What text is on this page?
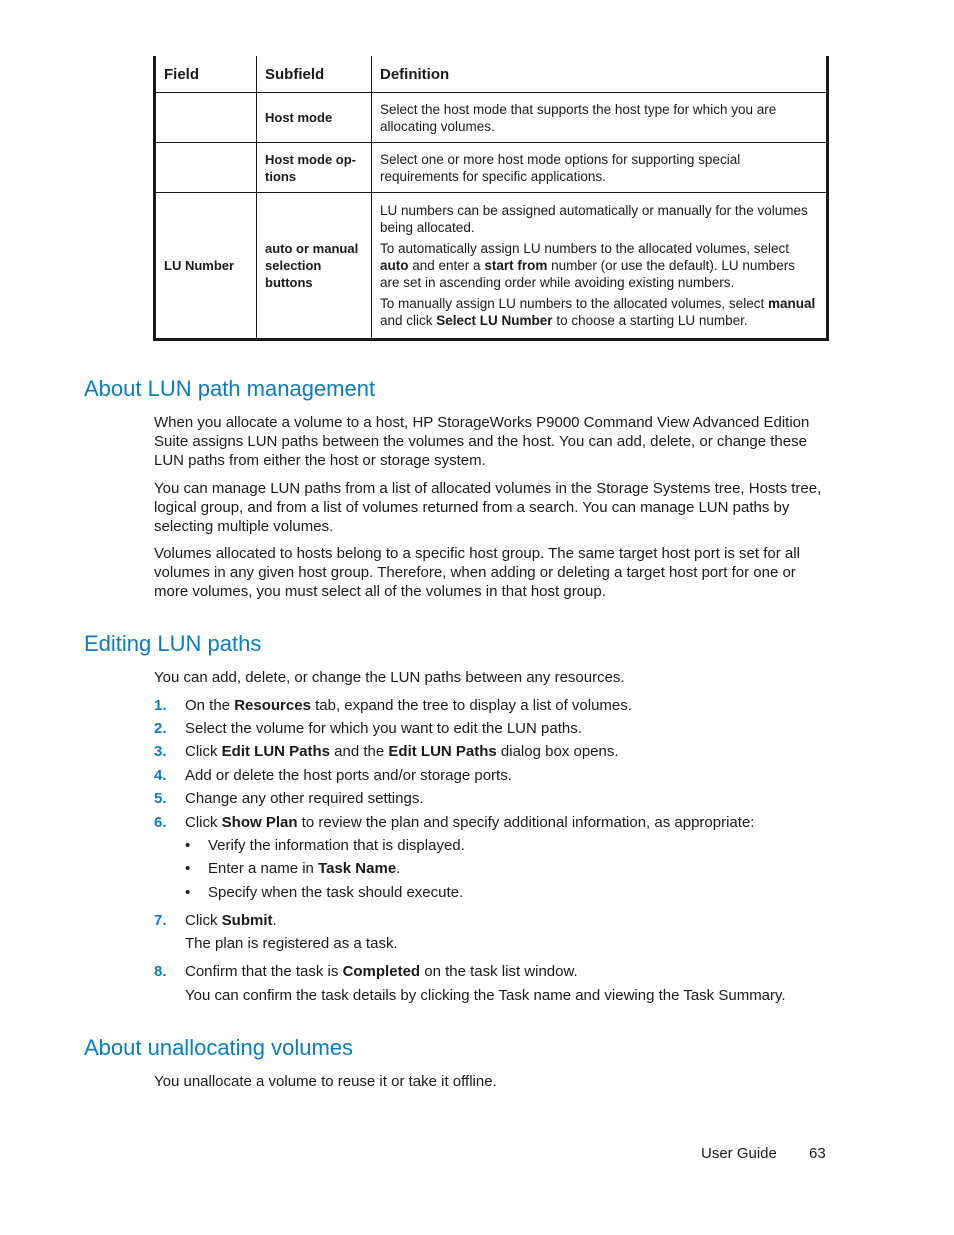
Field	Subfield	Definition
	Host mode	Select the host mode that supports the host type for which you are allocating volumes.
	Host mode op- tions	Select one or more host mode options for supporting special requirements for specific applications.
LU Number	auto or manual selection buttons	LU numbers can be assigned automatically or manually for the volumes being allocated.

To automatically assign LU numbers to the allocated volumes, select auto and enter a start from number (or use the default). LU numbers are set in ascending order while avoiding existing numbers.

To manually assign LU numbers to the allocated volumes, select manual and click Select LU Number to choose a starting LU number.

About LUN path management

When you allocate a volume to a host, HP StorageWorks P9000 Command View Advanced Edition Suite assigns LUN paths between the volumes and the host. You can add, delete, or change these LUN paths from either the host or storage system.

You can manage LUN paths from a list of allocated volumes in the Storage Systems tree, Hosts tree, logical group, and from a list of volumes returned from a search. You can manage LUN paths by selecting multiple volumes.

Volumes allocated to hosts belong to a specific host group. The same target host port is set for all volumes in any given host group. Therefore, when adding or deleting a target host port for one or more volumes, you must select all of the volumes in that host group.

Editing LUN paths

You can add, delete, or change the LUN paths between any resources.

1. On the Resources tab, expand the tree to display a list of volumes.
2. Select the volume for which you want to edit the LUN paths.
3. Click Edit LUN Paths and the Edit LUN Paths dialog box opens.
4. Add or delete the host ports and/or storage ports.
5. Change any other required settings.
6. Click Show Plan to review the plan and specify additional information, as appropriate:
• Verify the information that is displayed.
• Enter a name in Task Name.
• Specify when the task should execute.
7. Click Submit.
The plan is registered as a task.
8. Confirm that the task is Completed on the task list window.
You can confirm the task details by clicking the Task name and viewing the Task Summary.
About unallocating volumes

You unallocate a volume to reuse it or take it offline.

User Guide 63
